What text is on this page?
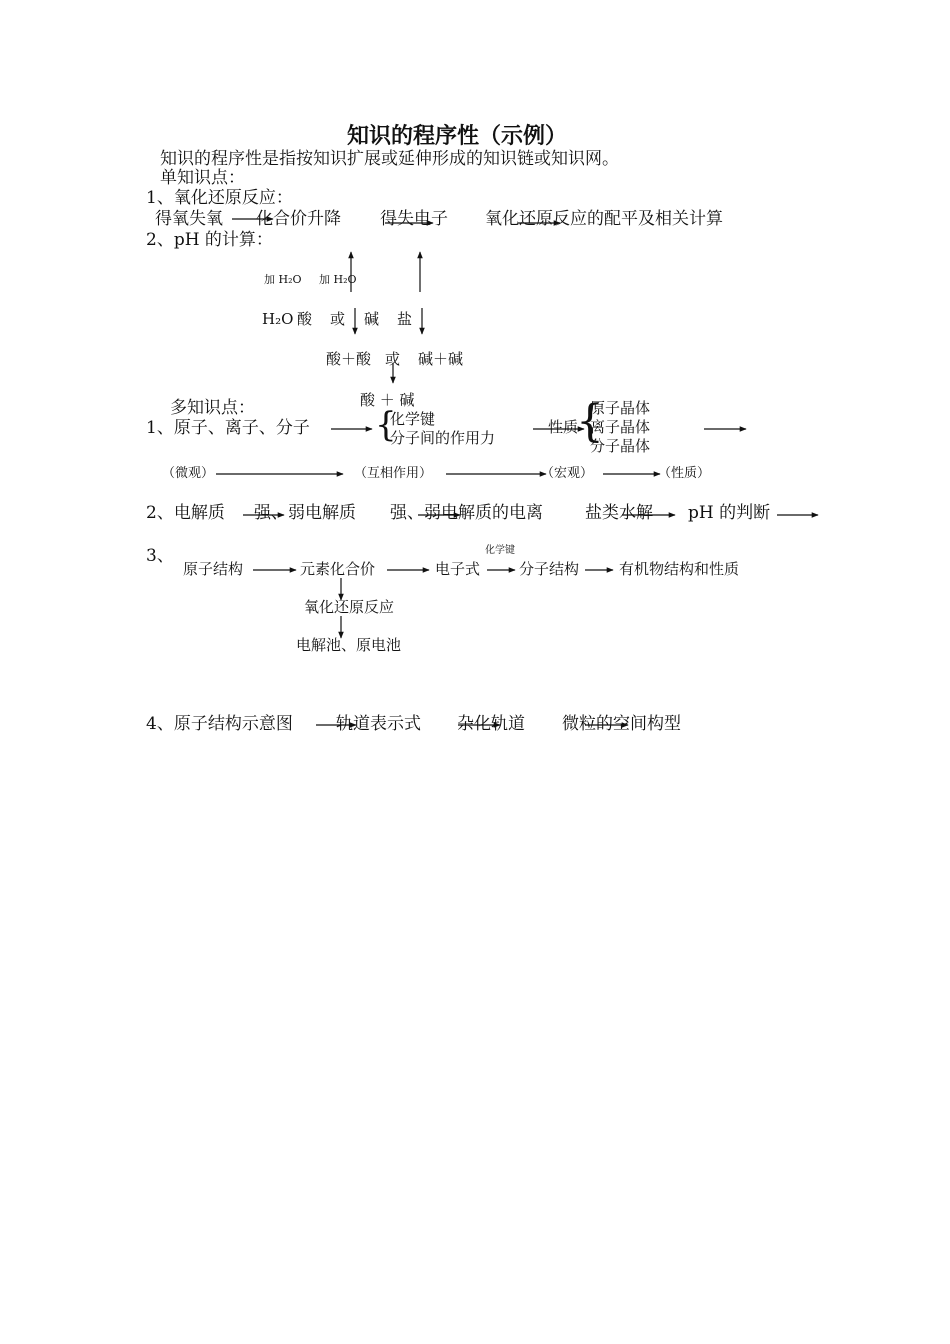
知识的程序性（示例）
知识的程序性是指按知识扩展或延伸形成的知识链或知识网。
单知识点：
1、氧化还原反应：
得氧失氧 化合价升降 得失电子 氧化还原反应的配平及相关计算
2、pH 的计算：
加 H₂O 加 H₂O
H₂O 酸 或 碱 盐
酸＋酸 或 碱＋碱
酸 ＋ 碱
多知识点：
1、原子、离子、分子 {
化学键
分子间的作用力
性质
{
原子晶体
离子晶体
分子晶体
（微观）	（互相作用）	（宏观）	（性质）
2、电解质 强、弱电解质 强、弱电解质的电离 盐类水解 pH 的判断
3、	化学键
原子结构	元素化合价	电子式	分子结构	有机物结构和性质
氧化还原反应
电解池、原电池
4、原子结构示意图	轨道表示式 杂化轨道 微粒的空间构型
